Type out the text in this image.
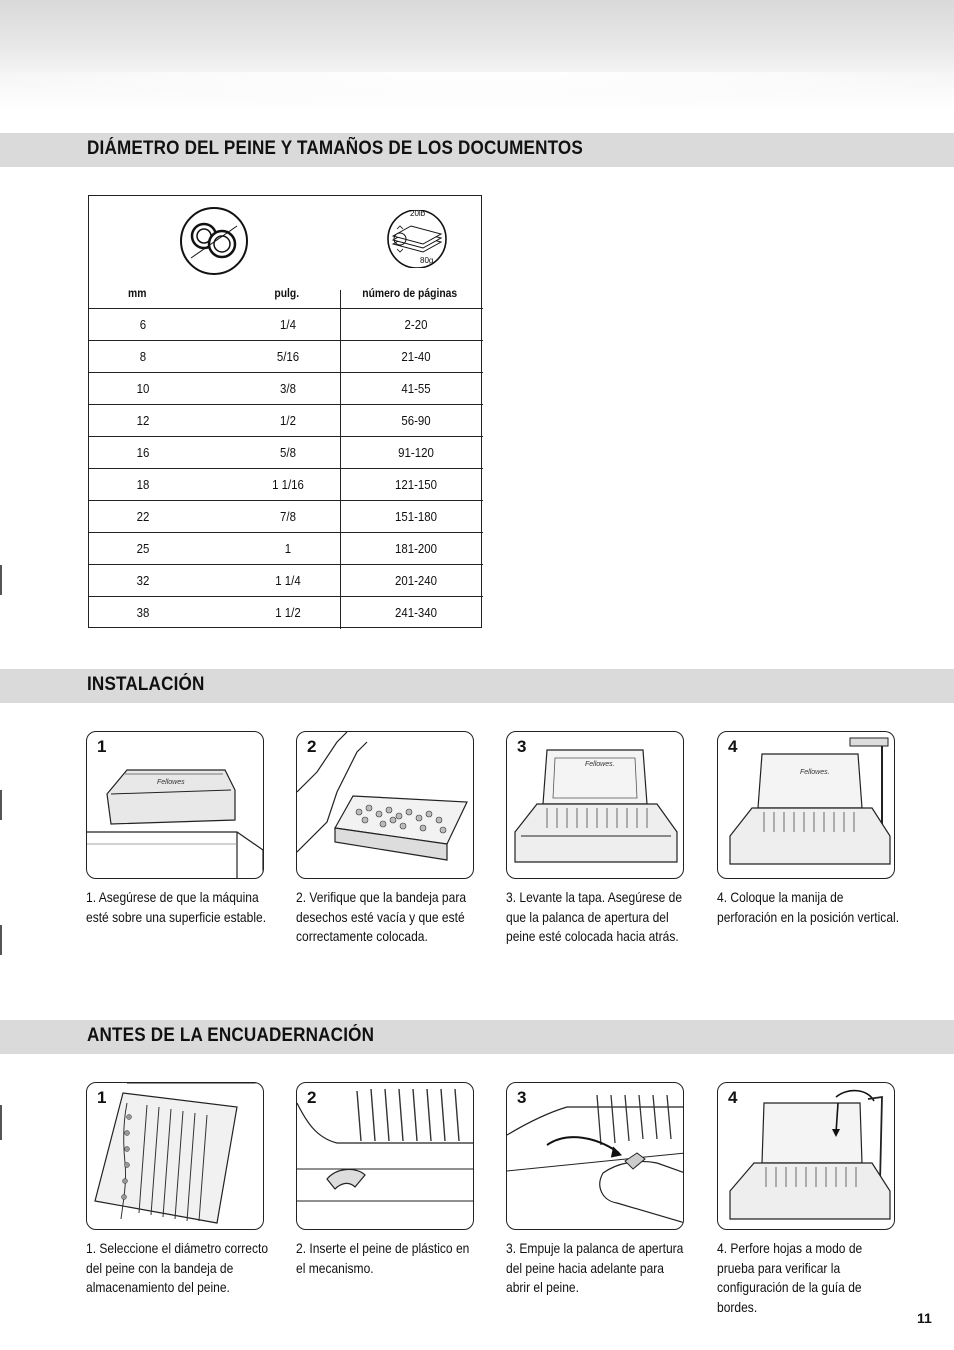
DIÁMETRO DEL PEINE Y TAMAÑOS DE LOS DOCUMENTOS
20lb
80g
mm	pulg.	número de páginas
6	1/4	2-20
8	5/16	21-40
10	3/8	41-55
12	1/2	56-90
16	5/8	91-120
18	1 1/16	121-150
22	7/8	151-180
25	1	181-200
32	1 1/4	201-240
38	1 1/2	241-340
INSTALACIÓN
Fellowes
1
1. Asegúrese de que la máquina esté sobre una superficie estable.
2
2. Verifique que la bandeja para desechos esté vacía y que esté correctamente colocada.
Fellowes.
3
3. Levante la tapa. Asegúrese de que la palanca de apertura del peine esté colocada hacia atrás.
Fellowes.
4
4. Coloque la manija de perforación en la posición vertical.
ANTES DE LA ENCUADERNACIÓN
1
1. Seleccione el diámetro correcto del peine con la bandeja de almacenamiento del peine.
2
2. Inserte el peine de plástico en el mecanismo.
3
3. Empuje la palanca de apertura del peine hacia adelante para abrir el peine.
4
4. Perfore hojas a modo de prueba para verificar la configuración de la guía de bordes.
11
